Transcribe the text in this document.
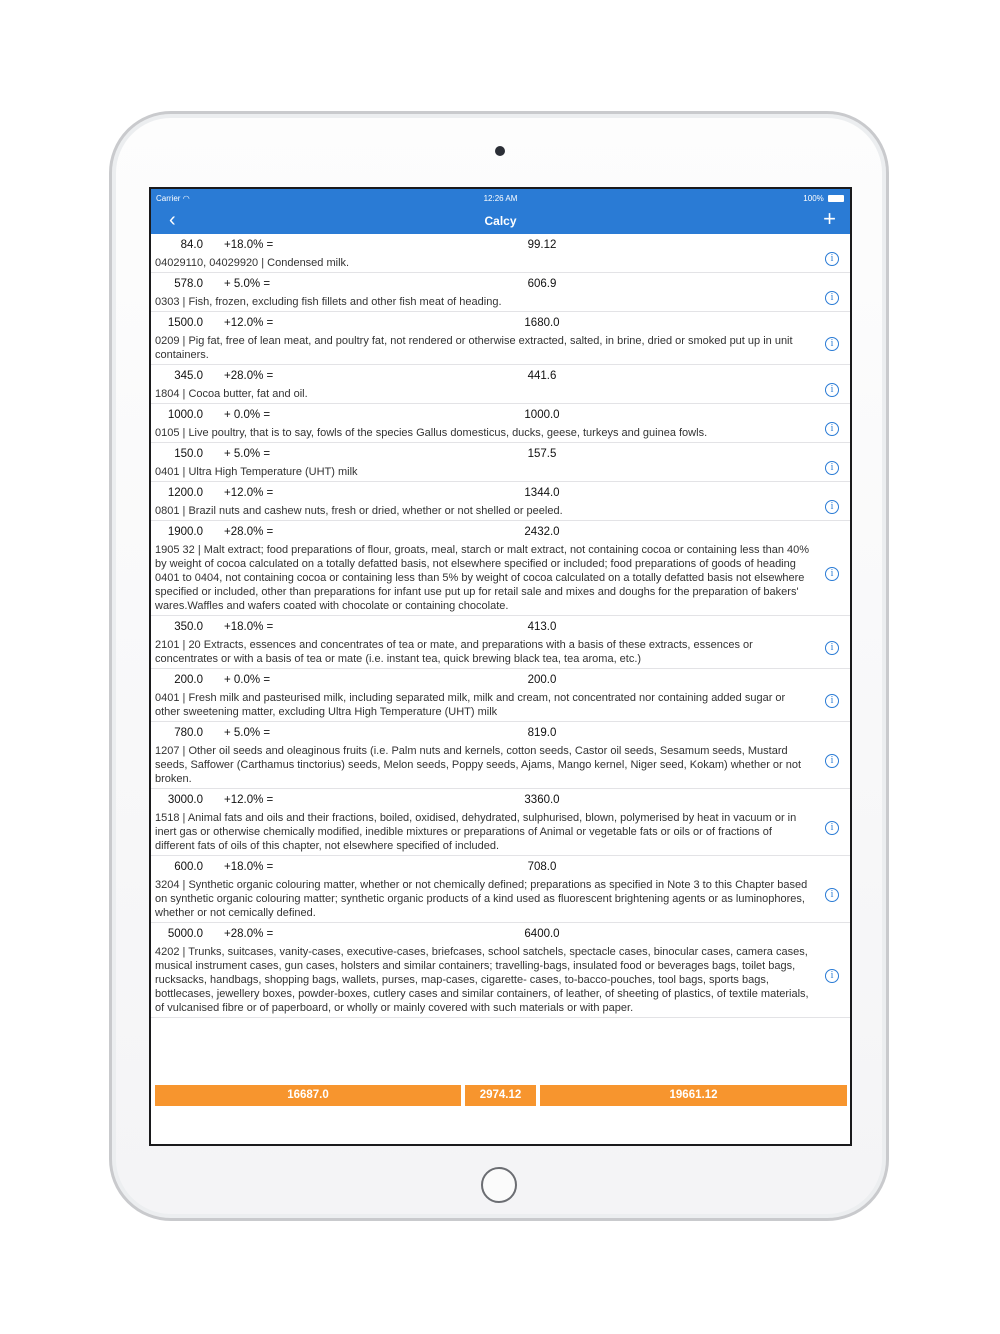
Carrier ◠	12:26 AM	100%
‹	Calcy	+
84.0 +18.0% =	99.12
04029110, 04029920 | Condensed milk.	i
578.0 + 5.0% =	606.9
0303 | Fish, frozen, excluding fish fillets and other fish meat of heading.	i
1500.0 +12.0% =	1680.0
0209 | Pig fat, free of lean meat, and poultry fat, not rendered or otherwise extracted, salted, in brine, dried or smoked put up in unit containers.
i
345.0 +28.0% =	441.6
1804 | Cocoa butter, fat and oil.	i
1000.0 + 0.0% =	1000.0
0105 | Live poultry, that is to say, fowls of the species Gallus domesticus, ducks, geese, turkeys and guinea fowls.	i
150.0 + 5.0% =	157.5
0401 | Ultra High Temperature (UHT) milk	i
1200.0 +12.0% =	1344.0
0801 | Brazil nuts and cashew nuts, fresh or dried, whether or not shelled or peeled.	i
1900.0 +28.0% =	2432.0
1905 32 | Malt extract; food preparations of flour, groats, meal, starch or malt extract, not containing cocoa or containing less than 40% by weight of cocoa calculated on a totally defatted basis, not elsewhere specified or included; food preparations of goods of heading 0401 to 0404, not containing cocoa or containing less than 5% by weight of cocoa calculated on a totally defatted basis not elsewhere specified or included, other than preparations for infant use put up for retail sale and mixes and doughs for the preparation of bakers' wares.Waffles and wafers coated with chocolate or containing chocolate.
i
350.0 +18.0% =	413.0
2101 | 20 Extracts, essences and concentrates of tea or mate, and preparations with a basis of these extracts, essences or concentrates or with a basis of tea or mate (i.e. instant tea, quick brewing black tea, tea aroma, etc.)
i
200.0 + 0.0% =	200.0
0401 | Fresh milk and pasteurised milk, including separated milk, milk and cream, not concentrated nor containing added sugar or other sweetening matter, excluding Ultra High Temperature (UHT) milk
i
780.0 + 5.0% =	819.0
1207 | Other oil seeds and oleaginous fruits (i.e. Palm nuts and kernels, cotton seeds, Castor oil seeds, Sesamum seeds, Mustard seeds, Saffower (Carthamus tinctorius) seeds, Melon seeds, Poppy seeds, Ajams, Mango kernel, Niger seed, Kokam) whether or not broken.
i
3000.0 +12.0% =	3360.0
1518 | Animal fats and oils and their fractions, boiled, oxidised, dehydrated, sulphurised, blown, polymerised by heat in vacuum or in inert gas or otherwise chemically modified, inedible mixtures or preparations of Animal or vegetable fats or oils or of fractions of different fats of oils of this chapter, not elsewhere specified of included.
i
600.0 +18.0% =	708.0
3204 | Synthetic organic colouring matter, whether or not chemically defined; preparations as specified in Note 3 to this Chapter based on synthetic organic colouring matter; synthetic organic products of a kind used as fluorescent brightening agents or as luminophores, whether or not cemically defined.
i
5000.0 +28.0% =	6400.0
4202 | Trunks, suitcases, vanity-cases, executive-cases, briefcases, school satchels, spectacle cases, binocular cases, camera cases, musical instrument cases, gun cases, holsters and similar containers; travelling-bags, insulated food or beverages bags, toilet bags, rucksacks, handbags, shopping bags, wallets, purses, map-cases, cigarette- cases, to-bacco-pouches, tool bags, sports bags, bottlecases, jewellery boxes, powder-boxes, cutlery cases and similar containers, of leather, of sheeting of plastics, of textile materials, of vulcanised fibre or of paperboard, or wholly or mainly covered with such materials or with paper.
i
16687.0	2974.12	19661.12
